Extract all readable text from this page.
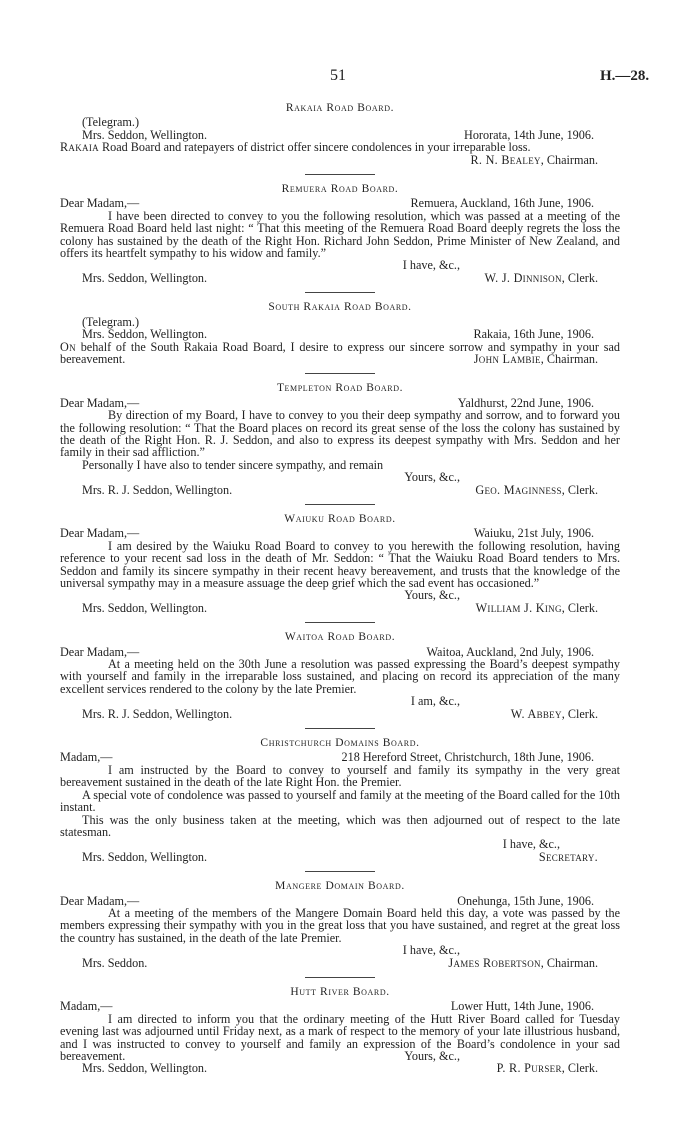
51	H.—28.
Rakaia Road Board.
(Telegram.)
Mrs. Seddon, Wellington.	Hororata, 14th June, 1906.
Rakaia Road Board and ratepayers of district offer sincere condolences in your irreparable loss.
R. N. Bealey, Chairman.
Remuera Road Board.
Dear Madam,—	Remuera, Auckland, 16th June, 1906.

I have been directed to convey to you the following resolution, which was passed at a meeting of the Remuera Road Board held last night: “ That this meeting of the Remuera Road Board deeply regrets the loss the colony has sustained by the death of the Right Hon. Richard John Seddon, Prime Minister of New Zealand, and offers its heartfelt sympathy to his widow and family.”

I have, &c.,
Mrs. Seddon, Wellington.	W. J. Dinnison, Clerk.
South Rakaia Road Board.
(Telegram.)
Mrs. Seddon, Wellington.	Rakaia, 16th June, 1906.
On behalf of the South Rakaia Road Board, I desire to express our sincere sorrow and sympathy in your sad bereavement.	John Lambie, Chairman.
Templeton Road Board.
Dear Madam,—	Yaldhurst, 22nd June, 1906.

By direction of my Board, I have to convey to you their deep sympathy and sorrow, and to forward you the following resolution: “ That the Board places on record its great sense of the loss the colony has sustained by the death of the Right Hon. R. J. Seddon, and also to express its deepest sympathy with Mrs. Seddon and her family in their sad affliction.”

Personally I have also to tender sincere sympathy, and remain

Yours, &c.,
Mrs. R. J. Seddon, Wellington.	Geo. Maginness, Clerk.
Waiuku Road Board.
Dear Madam,—	Waiuku, 21st July, 1906.

I am desired by the Waiuku Road Board to convey to you herewith the following resolution, having reference to your recent sad loss in the death of Mr. Seddon: “ That the Waiuku Road Board tenders to Mrs. Seddon and family its sincere sympathy in their recent heavy bereavement, and trusts that the knowledge of the universal sympathy may in a measure assuage the deep grief which the sad event has occasioned.”

Yours, &c.,
Mrs. Seddon, Wellington.	William J. King, Clerk.
Waitoa Road Board.
Dear Madam,—	Waitoa, Auckland, 2nd July, 1906.

At a meeting held on the 30th June a resolution was passed expressing the Board’s deepest sympathy with yourself and family in the irreparable loss sustained, and placing on record its appreciation of the many excellent services rendered to the colony by the late Premier.

I am, &c.,
Mrs. R. J. Seddon, Wellington.	W. Abbey, Clerk.
Christchurch Domains Board.
Madam,—	218 Hereford Street, Christchurch, 18th June, 1906.

I am instructed by the Board to convey to yourself and family its sympathy in the very great bereavement sustained in the death of the late Right Hon. the Premier.

A special vote of condolence was passed to yourself and family at the meeting of the Board called for the 10th instant.

This was the only business taken at the meeting, which was then adjourned out of respect to the late statesman.

I have, &c.,
Mrs. Seddon, Wellington.	Secretary.
Mangere Domain Board.
Dear Madam,—	Onehunga, 15th June, 1906.

At a meeting of the members of the Mangere Domain Board held this day, a vote was passed by the members expressing their sympathy with you in the great loss that you have sustained, and regret at the great loss the country has sustained, in the death of the late Premier.

I have, &c.,
Mrs. Seddon.	James Robertson, Chairman.
Hutt River Board.
Madam,—	Lower Hutt, 14th June, 1906.

I am directed to inform you that the ordinary meeting of the Hutt River Board called for Tuesday evening last was adjourned until Friday next, as a mark of respect to the memory of your late illustrious husband, and I was instructed to convey to yourself and family an expression of the Board’s condolence in your sad bereavement.	Yours, &c.,
Mrs. Seddon, Wellington.	P. R. Purser, Clerk.
